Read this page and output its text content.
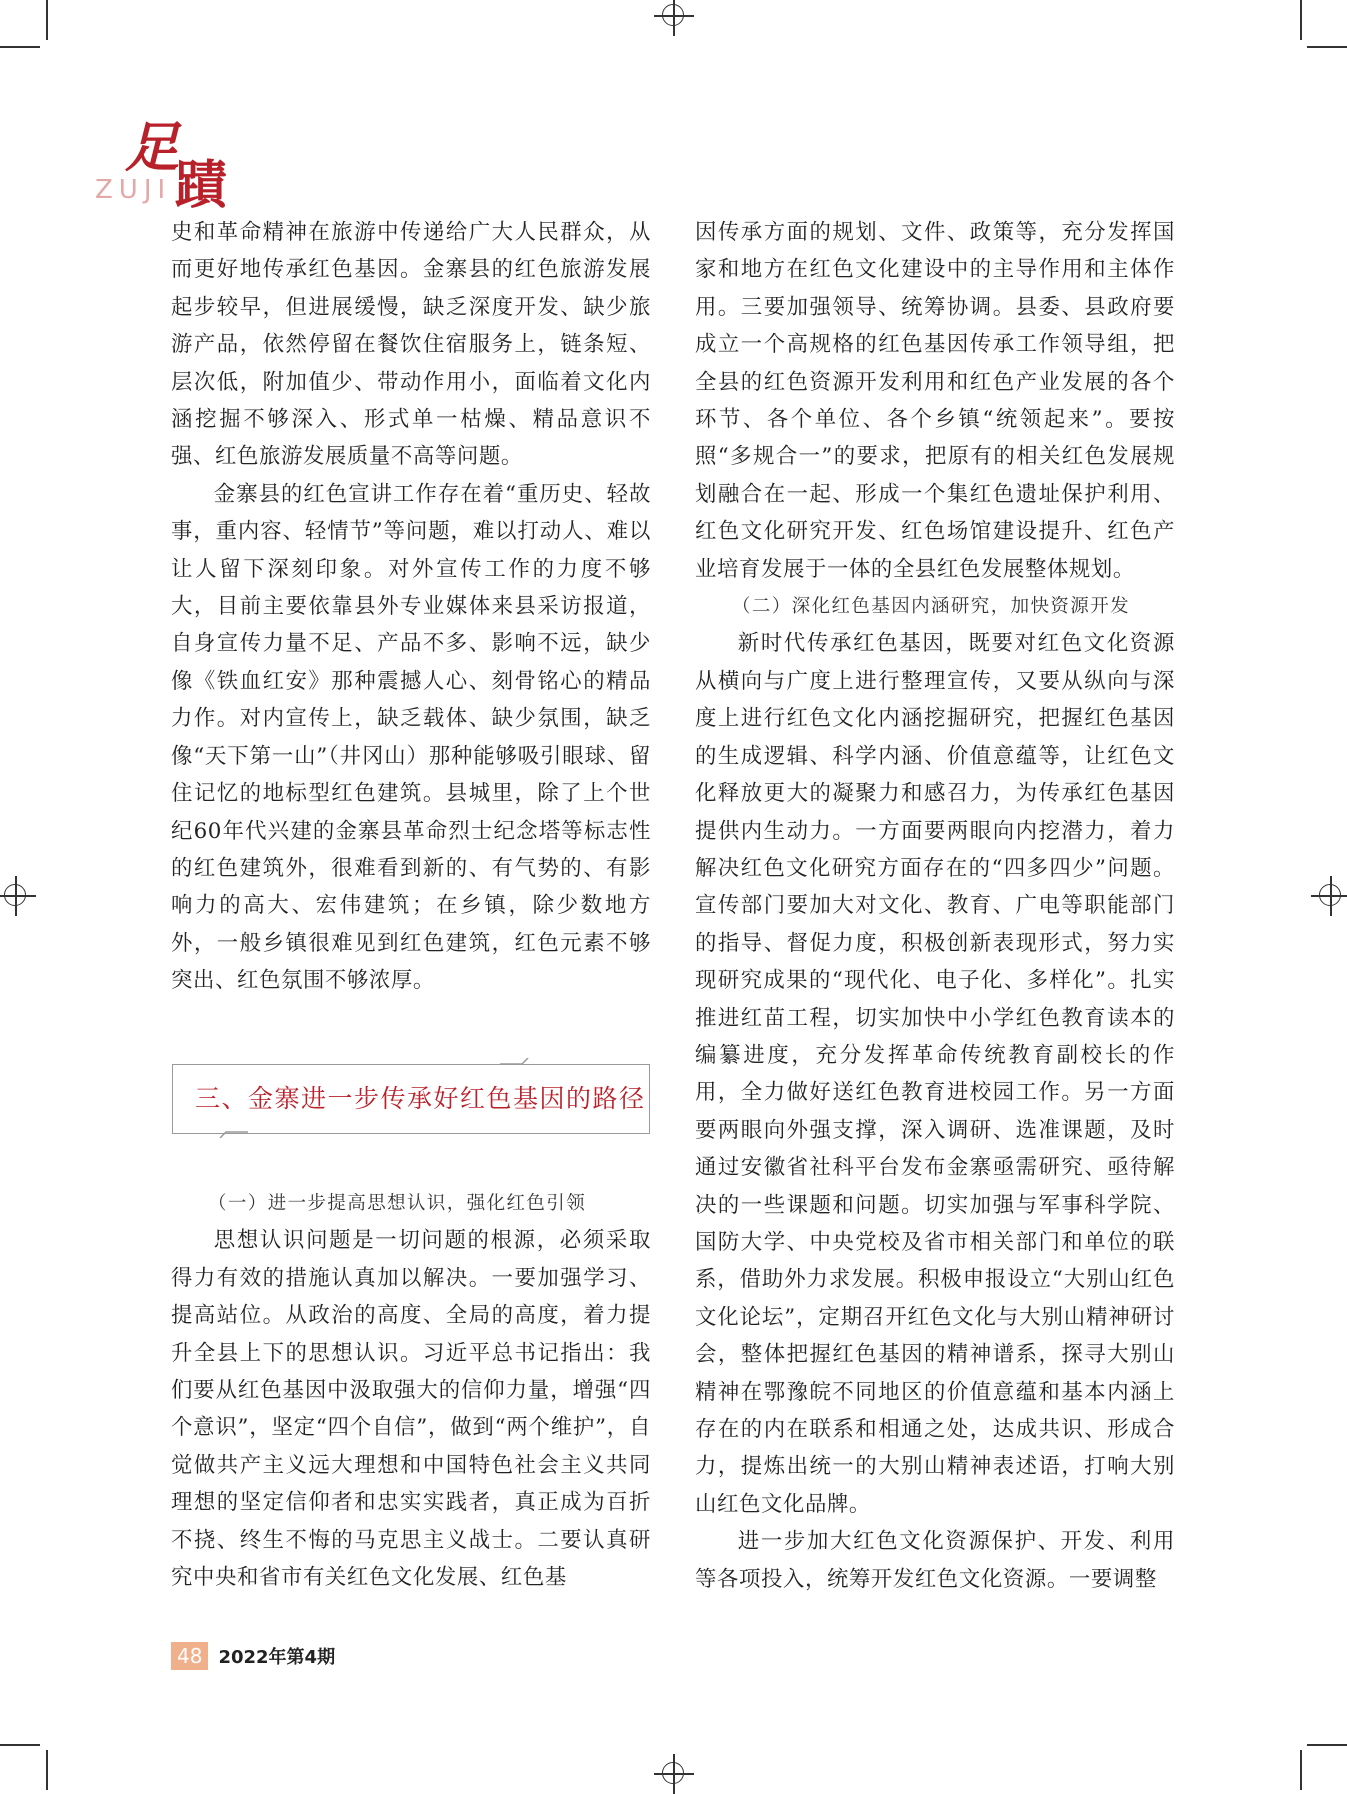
足
蹟
ZUJI

史和革命精神在旅游中传递给广大人民群众，从而更好地传承红色基因。金寨县的红色旅游发展起步较早，但进展缓慢，缺乏深度开发、缺少旅游产品，依然停留在餐饮住宿服务上，链条短、层次低，附加值少、带动作用小，面临着文化内涵挖掘不够深入、形式单一枯燥、精品意识不强、红色旅游发展质量不高等问题。

金寨县的红色宣讲工作存在着“重历史、轻故事，重内容、轻情节”等问题，难以打动人、难以让人留下深刻印象。对外宣传工作的力度不够大，目前主要依靠县外专业媒体来县采访报道，自身宣传力量不足、产品不多、影响不远，缺少像《铁血红安》那种震撼人心、刻骨铭心的精品力作。对内宣传上，缺乏载体、缺少氛围，缺乏像“天下第一山”（井冈山）那种能够吸引眼球、留住记忆的地标型红色建筑。县城里，除了上个世纪60年代兴建的金寨县革命烈士纪念塔等标志性的红色建筑外，很难看到新的、有气势的、有影响力的高大、宏伟建筑；在乡镇，除少数地方外，一般乡镇很难见到红色建筑，红色元素不够突出、红色氛围不够浓厚。

三、金寨进一步传承好红色基因的路径

（一）进一步提高思想认识，强化红色引领

思想认识问题是一切问题的根源，必须采取得力有效的措施认真加以解决。一要加强学习、提高站位。从政治的高度、全局的高度，着力提升全县上下的思想认识。习近平总书记指出：我们要从红色基因中汲取强大的信仰力量，增强“四个意识”，坚定“四个自信”，做到“两个维护”，自觉做共产主义远大理想和中国特色社会主义共同理想的坚定信仰者和忠实实践者，真正成为百折不挠、终生不悔的马克思主义战士。二要认真研究中央和省市有关红色文化发展、红色基

因传承方面的规划、文件、政策等，充分发挥国家和地方在红色文化建设中的主导作用和主体作用。三要加强领导、统筹协调。县委、县政府要成立一个高规格的红色基因传承工作领导组，把全县的红色资源开发利用和红色产业发展的各个环节、各个单位、各个乡镇“统领起来”。要按照“多规合一”的要求，把原有的相关红色发展规划融合在一起、形成一个集红色遗址保护利用、红色文化研究开发、红色场馆建设提升、红色产业培育发展于一体的全县红色发展整体规划。

（二）深化红色基因内涵研究，加快资源开发

新时代传承红色基因，既要对红色文化资源从横向与广度上进行整理宣传，又要从纵向与深度上进行红色文化内涵挖掘研究，把握红色基因的生成逻辑、科学内涵、价值意蕴等，让红色文化释放更大的凝聚力和感召力，为传承红色基因提供内生动力。一方面要两眼向内挖潜力，着力解决红色文化研究方面存在的“四多四少”问题。宣传部门要加大对文化、教育、广电等职能部门的指导、督促力度，积极创新表现形式，努力实现研究成果的“现代化、电子化、多样化”。扎实推进红苗工程，切实加快中小学红色教育读本的编纂进度，充分发挥革命传统教育副校长的作用，全力做好送红色教育进校园工作。另一方面要两眼向外强支撑，深入调研、选准课题，及时通过安徽省社科平台发布金寨亟需研究、亟待解决的一些课题和问题。切实加强与军事科学院、国防大学、中央党校及省市相关部门和单位的联系，借助外力求发展。积极申报设立“大别山红色文化论坛”，定期召开红色文化与大别山精神研讨会，整体把握红色基因的精神谱系，探寻大别山精神在鄂豫皖不同地区的价值意蕴和基本内涵上存在的内在联系和相通之处，达成共识、形成合力，提炼出统一的大别山精神表述语，打响大别山红色文化品牌。

进一步加大红色文化资源保护、开发、利用等各项投入，统筹开发红色文化资源。一要调整

48 2022年第4期
